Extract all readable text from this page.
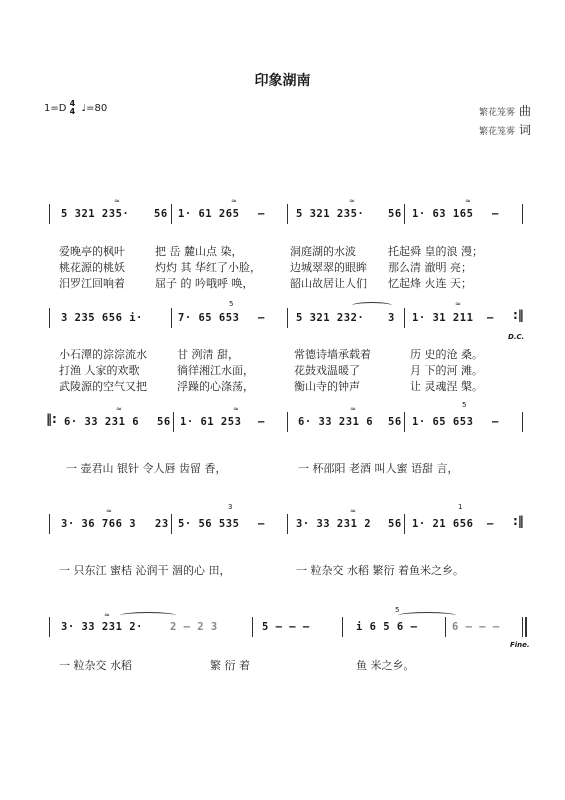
印象湖南
1=D 4
4 ♩=80	繁花笼雾 曲
繁花笼雾 词
5 321 235· 56 1· 61 265 –	5 321 235· 56 1· 63 165 –
≈	≈	≈	≈
爱晚亭的枫叶	把 岳 麓山点 染，	洞庭湖的水波	托起舜 皇的浪 漫；
桃花源的桃妖	灼灼 其 华红了小脸，	边城翠翠的眼眸 那么清 澈明 亮；
汨罗江回响着	屈子 的 吟哦呼 唤，	韶山故居让人们 忆起烽 火连 天；
3 235 656 i·	7· 65 653 –	5 321 232· 3 1· 31 211 – :‖
D.C.
5	≈
小石潭的淙淙流水	甘 洌清 甜，	常德诗墙承载着	历 史的沧 桑。
打渔 人家的欢歌	徜徉湘江水面，	花鼓戏温暖了	月 下的河 滩。
武陵源的空气又把	浮躁的心涤荡，	衡山寺的钟声	让 灵魂涅 槃。
‖: 6· 33 231 6 56 1· 61 253 –	6· 33 231 6 56 1· 65 653 –
≈	≈	≈	5
一 壶君山 银针 令人唇 齿留 香，	一 杯邵阳 老酒 叫人蜜 语甜 言，
3· 36 766 3 23 5· 56 535 –	3· 33 231 2 56 1· 21 656 – :‖
≈	3	≈	1
一 只东江 蜜桔 沁润干 涸的心 田，	一 粒杂交 水稻 繁衍 着鱼米之乡。
3· 33 231 2·	2 – 2 3	5 – – –	i 6 5 6 –	6 – – –
≈
5
Fine.
一 粒杂交 水稻	繁 衍 着	鱼 米之乡。
